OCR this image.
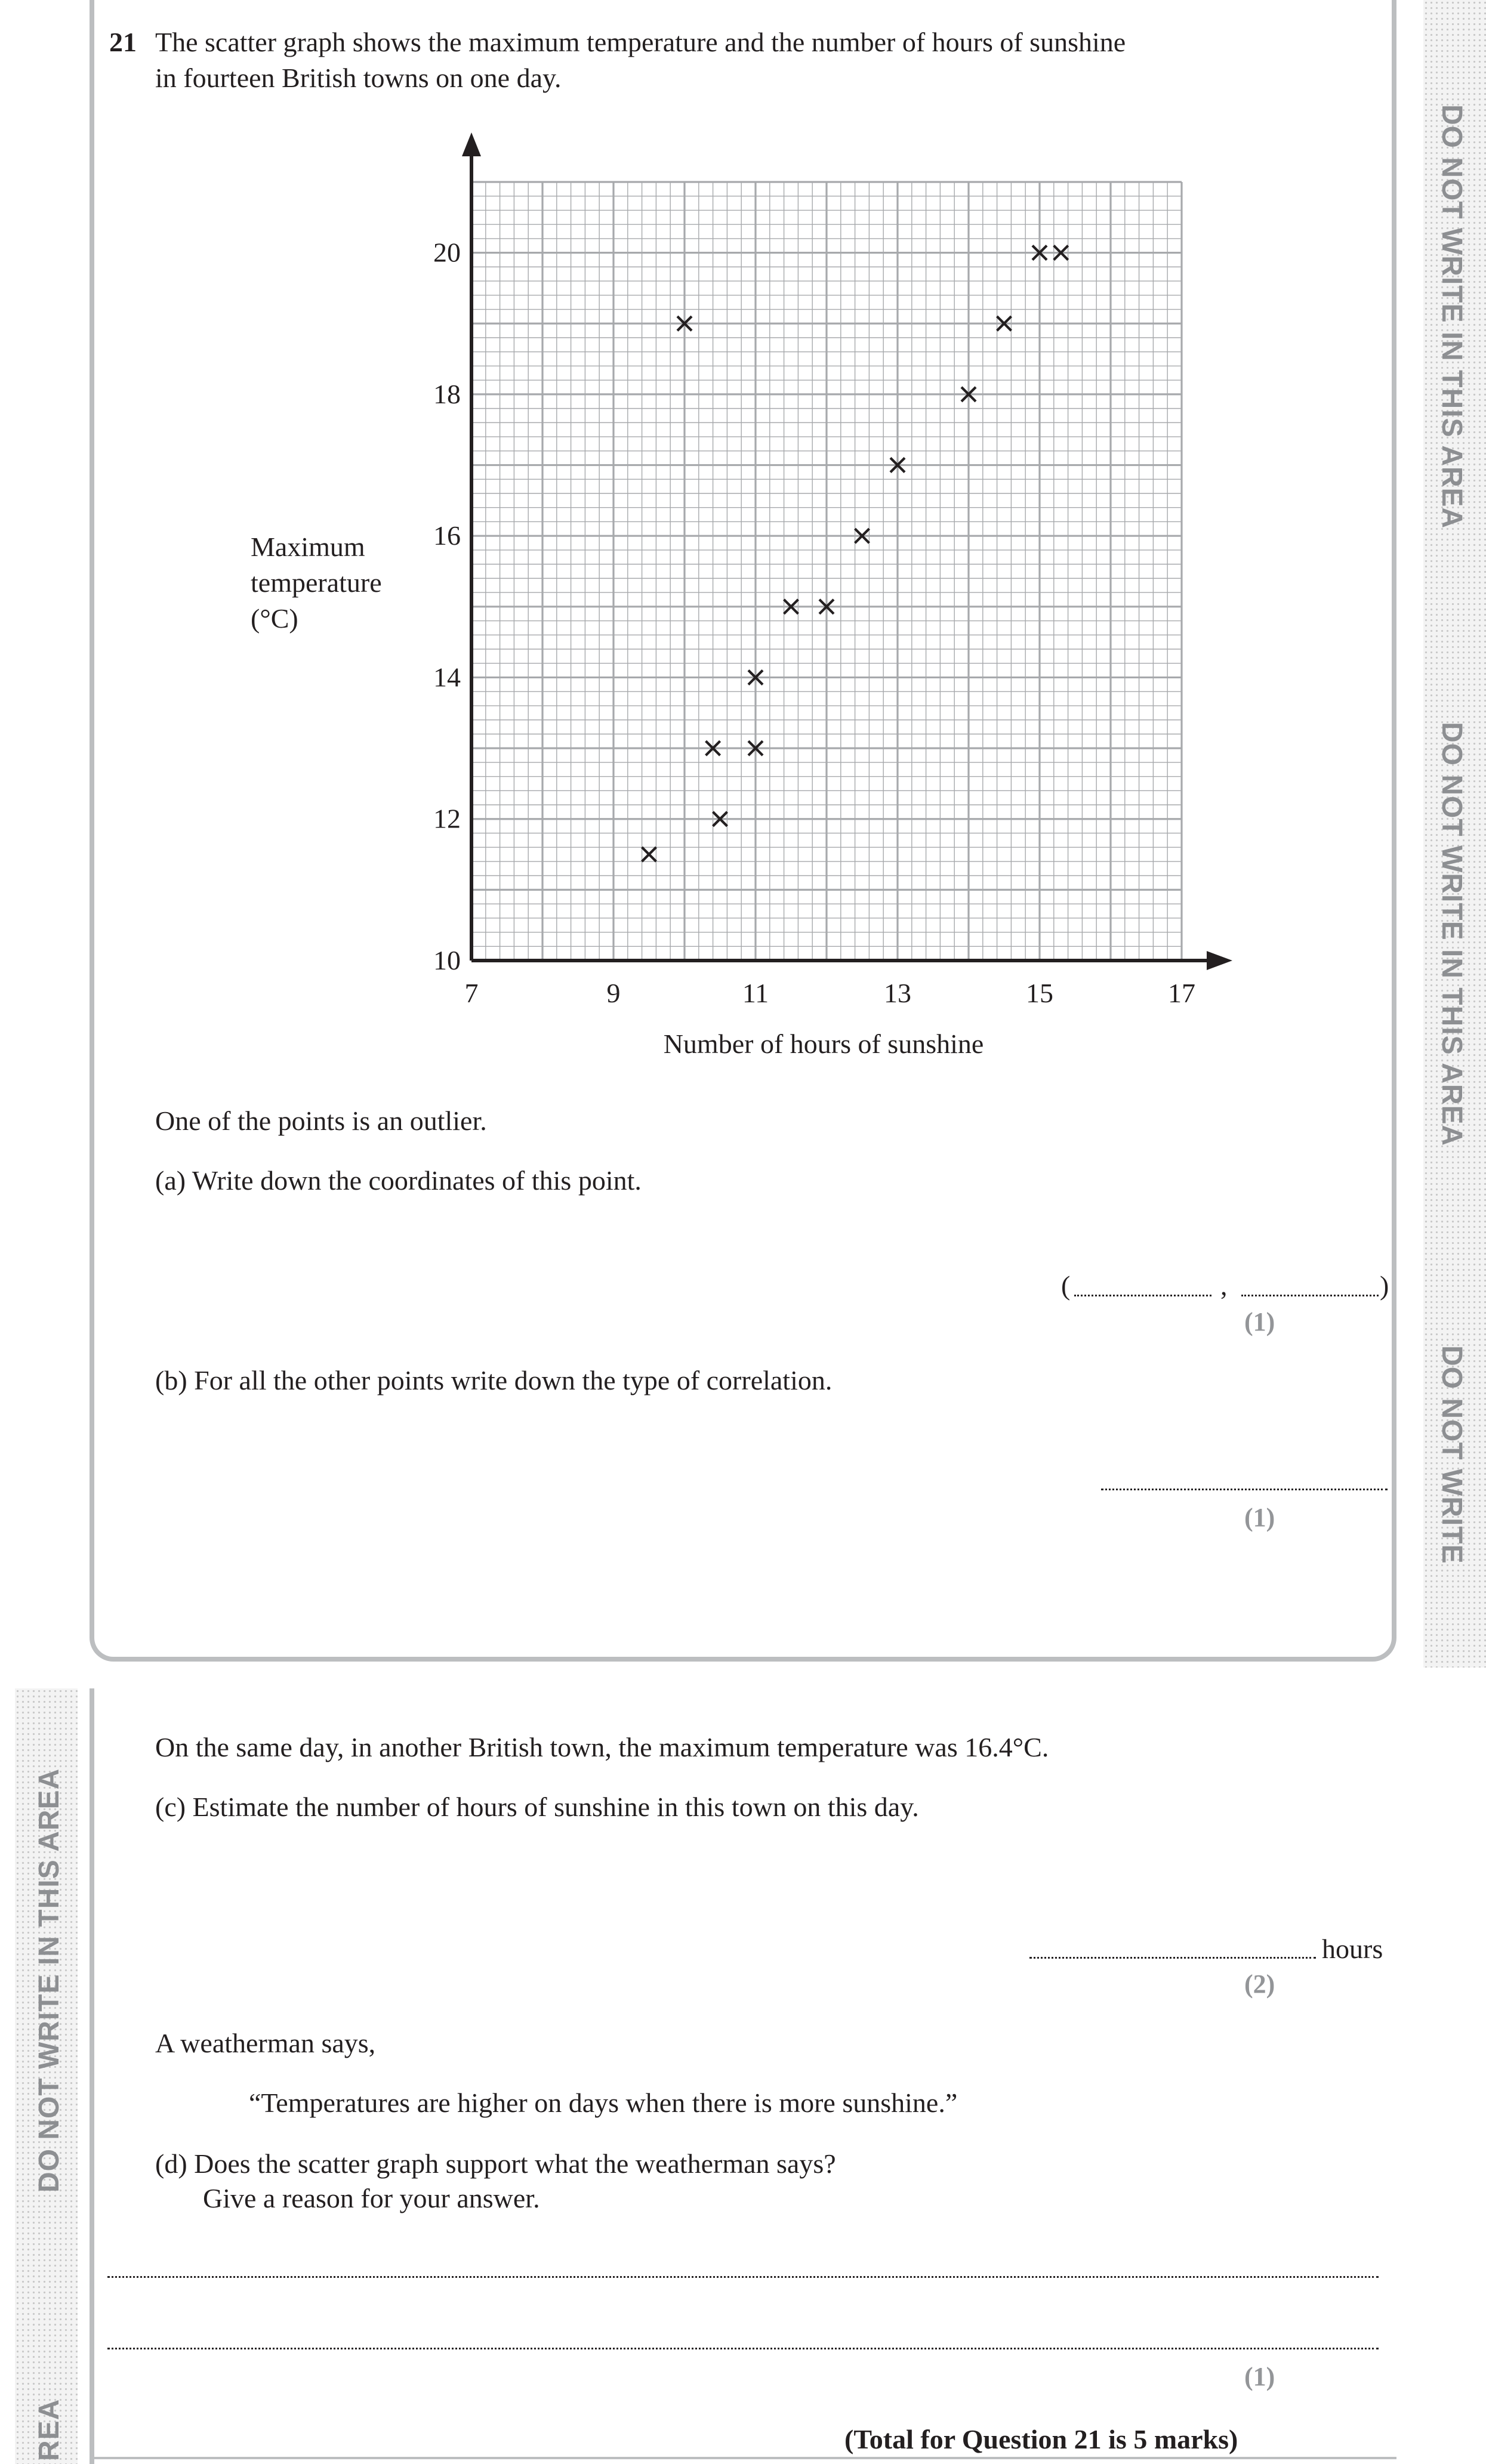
DO NOT WRITE IN THIS AREA
DO NOT WRITE IN THIS AREA
DO NOT WRITE
DO NOT WRITE IN THIS AREA
REA
21 The scatter graph shows the maximum temperature and the number of hours of sunshine
in fourteen British towns on one day.
7	9	11	13	15	17
10
12
14
16
18
20
Number of hours of sunshine
Maximum
temperature
(°C)
One of the points is an outlier.
(a) Write down the coordinates of this point.
(	,	)
(1)
(b) For all the other points write down the type of correlation.
(1)
On the same day, in another British town, the maximum temperature was 16.4°C.
(c) Estimate the number of hours of sunshine in this town on this day.
hours
(2)
A weatherman says,
“Temperatures are higher on days when there is more sunshine.”
(d) Does the scatter graph support what the weatherman says?
Give a reason for your answer.
(1)
(Total for Question 21 is 5 marks)
